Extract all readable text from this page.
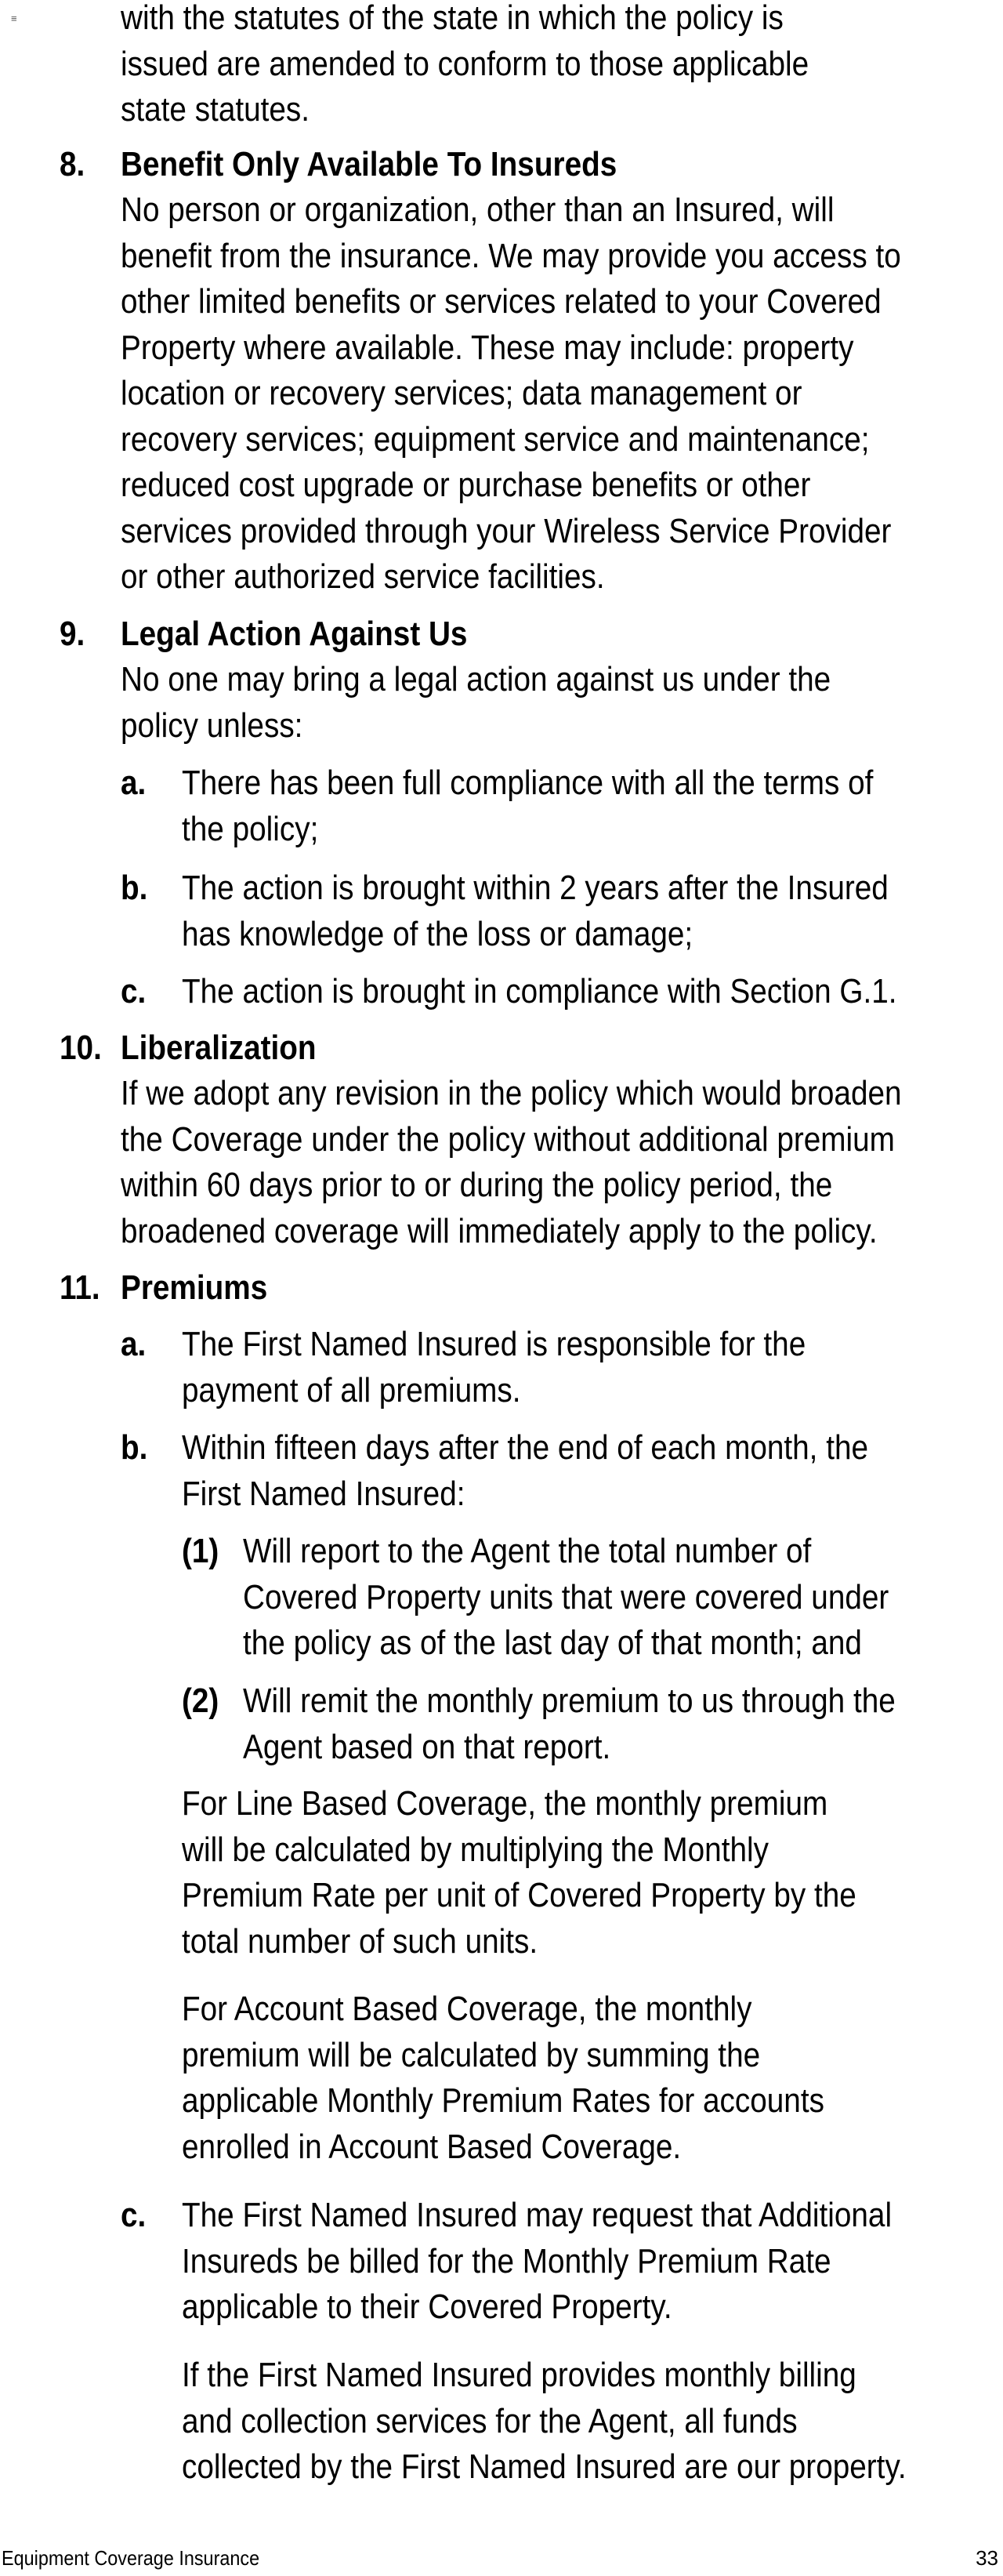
≡	with the statutes of the state in which the policy is
issued are amended to conform to those applicable
state statutes.
8. Benefit Only Available To Insureds
No person or organization, other than an Insured, will
benefit from the insurance. We may provide you access to
other limited benefits or services related to your Covered
Property where available. These may include: property
location or recovery services; data management or
recovery services; equipment service and maintenance;
reduced cost upgrade or purchase benefits or other
services provided through your Wireless Service Provider
or other authorized service facilities.
9. Legal Action Against Us
No one may bring a legal action against us under the
policy unless:
a. There has been full compliance with all the terms of
the policy;
b. The action is brought within 2 years after the Insured
has knowledge of the loss or damage;
c. The action is brought in compliance with Section G.1.
10. Liberalization
If we adopt any revision in the policy which would broaden
the Coverage under the policy without additional premium
within 60 days prior to or during the policy period, the
broadened coverage will immediately apply to the policy.
11. Premiums
a. The First Named Insured is responsible for the
payment of all premiums.
b. Within fifteen days after the end of each month, the
First Named Insured:
(1) Will report to the Agent the total number of
Covered Property units that were covered under
the policy as of the last day of that month; and
(2) Will remit the monthly premium to us through the
Agent based on that report.
For Line Based Coverage, the monthly premium
will be calculated by multiplying the Monthly
Premium Rate per unit of Covered Property by the
total number of such units.
For Account Based Coverage, the monthly
premium will be calculated by summing the
applicable Monthly Premium Rates for accounts
enrolled in Account Based Coverage.
c. The First Named Insured may request that Additional
Insureds be billed for the Monthly Premium Rate
applicable to their Covered Property.
If the First Named Insured provides monthly billing
and collection services for the Agent, all funds
collected by the First Named Insured are our property.
Equipment Coverage Insurance	33
